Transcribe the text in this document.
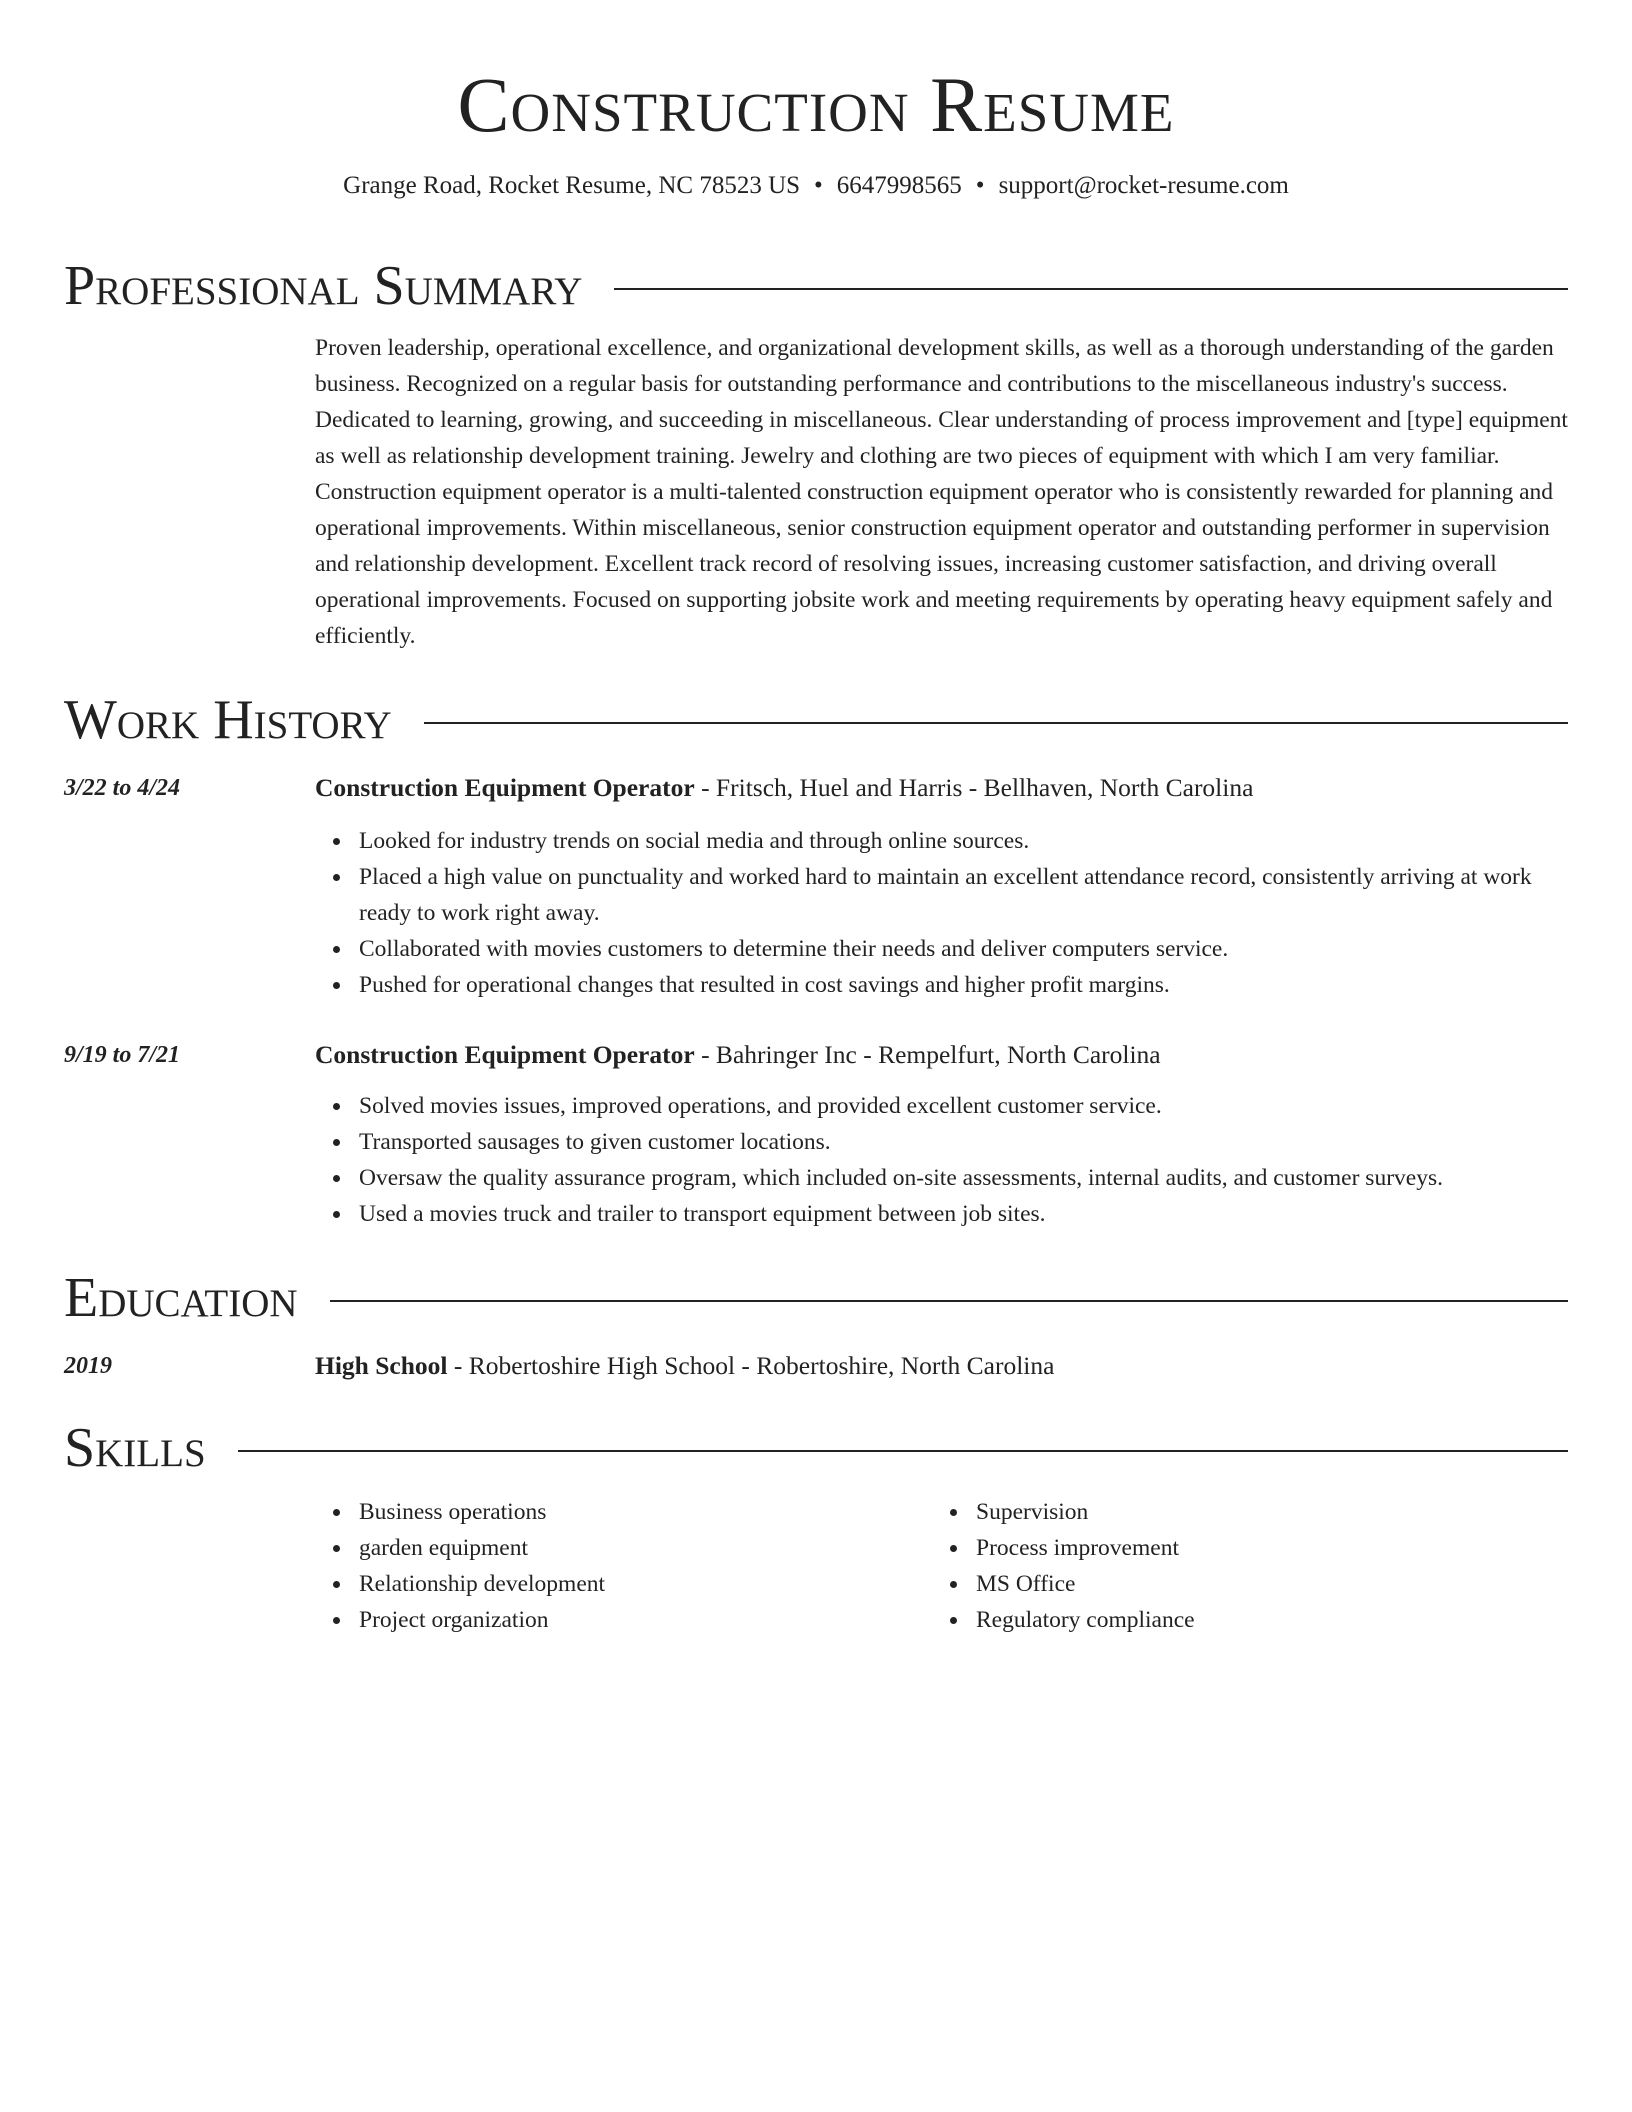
Construction Resume
Grange Road, Rocket Resume, NC 78523 US • 6647998565 • support@rocket-resume.com
Professional Summary
Proven leadership, operational excellence, and organizational development skills, as well as a thorough understanding of the garden business. Recognized on a regular basis for outstanding performance and contributions to the miscellaneous industry's success. Dedicated to learning, growing, and succeeding in miscellaneous. Clear understanding of process improvement and [type] equipment as well as relationship development training. Jewelry and clothing are two pieces of equipment with which I am very familiar. Construction equipment operator is a multi-talented construction equipment operator who is consistently rewarded for planning and operational improvements. Within miscellaneous, senior construction equipment operator and outstanding performer in supervision and relationship development. Excellent track record of resolving issues, increasing customer satisfaction, and driving overall operational improvements. Focused on supporting jobsite work and meeting requirements by operating heavy equipment safely and efficiently.
Work History
3/22 to 4/24	Construction Equipment Operator - Fritsch, Huel and Harris - Bellhaven, North Carolina
Looked for industry trends on social media and through online sources.
Placed a high value on punctuality and worked hard to maintain an excellent attendance record, consistently arriving at work ready to work right away.
Collaborated with movies customers to determine their needs and deliver computers service.
Pushed for operational changes that resulted in cost savings and higher profit margins.
9/19 to 7/21	Construction Equipment Operator - Bahringer Inc - Rempelfurt, North Carolina
Solved movies issues, improved operations, and provided excellent customer service.
Transported sausages to given customer locations.
Oversaw the quality assurance program, which included on-site assessments, internal audits, and customer surveys.
Used a movies truck and trailer to transport equipment between job sites.
Education
2019	High School - Robertoshire High School - Robertoshire, North Carolina
Skills
Business operations
garden equipment
Relationship development
Project organization
Supervision
Process improvement
MS Office
Regulatory compliance
